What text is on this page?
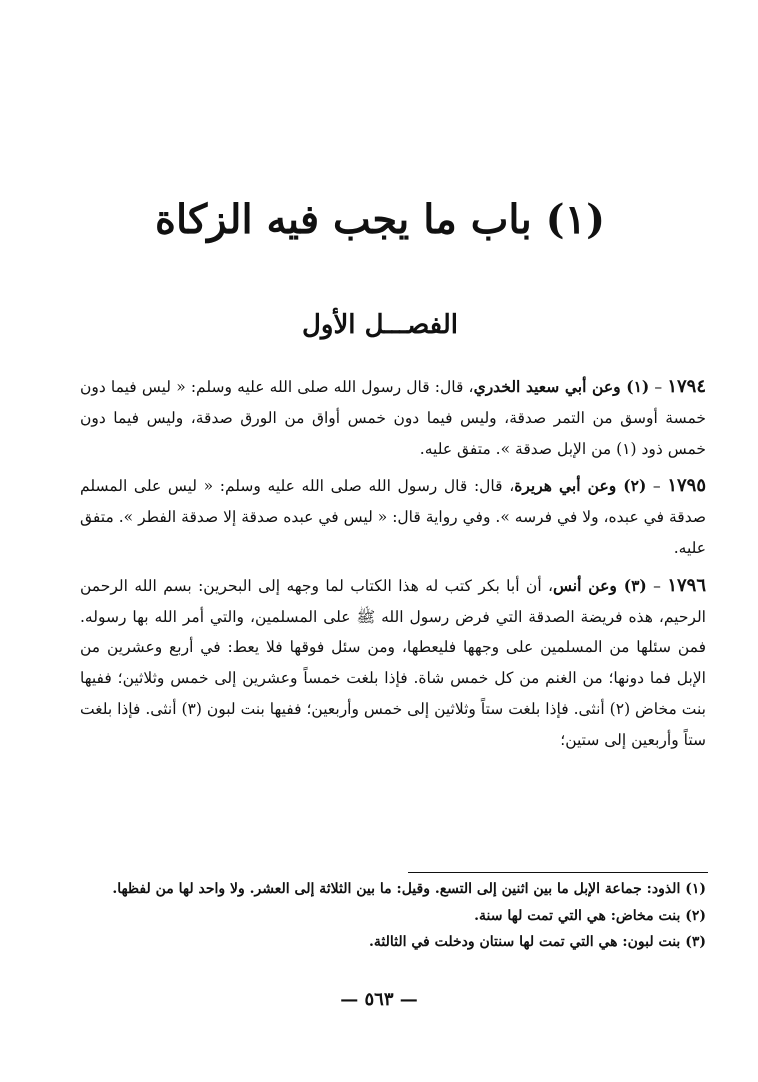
(١) باب ما يجب فيه الزكاة
الفصـــل الأول

١٧٩٤ – (١) وعن أبي سعيد الخدري، قال: قال رسول الله صلى الله عليه وسلم: « ليس فيما دون خمسة أوسق من التمر صدقة، وليس فيما دون خمس أواق من الورق صدقة، وليس فيما دون خمس ذود (١) من الإبل صدقة ». متفق عليه.

١٧٩٥ – (٢) وعن أبي هريرة، قال: قال رسول الله صلى الله عليه وسلم: « ليس على المسلم صدقة في عبده، ولا في فرسه ». وفي رواية قال: « ليس في عبده صدقة إلا صدقة الفطر ». متفق عليه.

١٧٩٦ – (٣) وعن أنس، أن أبا بكر كتب له هذا الكتاب لما وجهه إلى البحرين: بسم الله الرحمن الرحيم، هذه فريضة الصدقة التي فرض رسول الله ﷺ على المسلمين، والتي أمر الله بها رسوله. فمن سئلها من المسلمين على وجهها فليعطها، ومن سئل فوقها فلا يعط: في أربع وعشرين من الإبل فما دونها؛ من الغنم من كل خمس شاة. فإذا بلغت خمساً وعشرين إلى خمس وثلاثين؛ ففيها بنت مخاض (٢) أنثى. فإذا بلغت ستاً وثلاثين إلى خمس وأربعين؛ ففيها بنت لبون (٣) أنثى. فإذا بلغت ستاً وأربعين إلى ستين؛

(١) الذود: جماعة الإبل ما بين اثنين إلى التسع. وقيل: ما بين الثلاثة إلى العشر. ولا واحد لها من لفظها.

(٢) بنت مخاض: هي التي تمت لها سنة.

(٣) بنت لبون: هي التي تمت لها سنتان ودخلت في الثالثة.

— ٥٦٣ —
